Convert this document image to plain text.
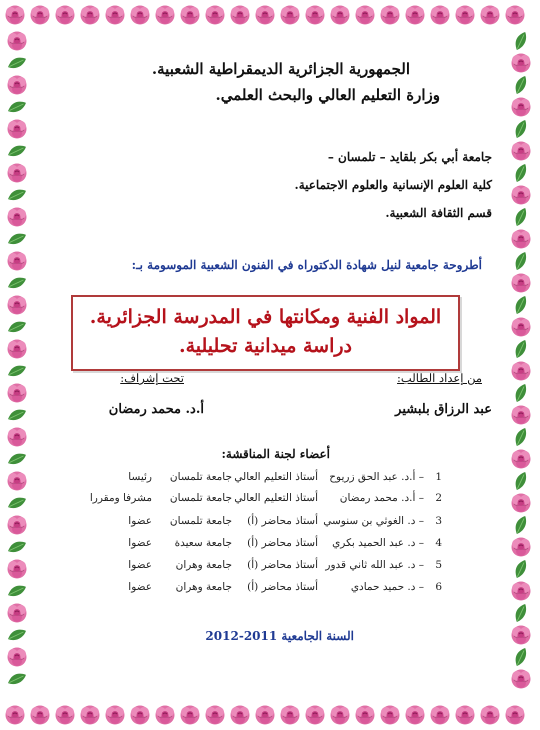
الجمهورية الجزائرية الديمقراطية الشعبية.
وزارة التعليم العالي والبحث العلمي.
جامعة أبي بكر بلقايد – تلمسان –
كلية العلوم الإنسانية والعلوم الاجتماعية.
قسم الثقافة الشعبية.
أطروحة جامعية لنيل شهادة الدكتوراه في الفنون الشعبية الموسومة بـ:
المواد الفنية ومكانتها في المدرسة الجزائرية.
دراسة ميدانية تحليلية.
من إعداد الطالب:
تحت إشراف:
عبد الرزاق بلبشير
أ.د. محمد رمضان
أعضاء لجنة المناقشة:
1
– أ.د. عبد الحق زريوح
أستاذ التعليم العالي
جامعة تلمسان
رئيسا
2
– أ.د. محمد رمضان
أستاذ التعليم العالي
جامعة تلمسان
مشرفا ومقررا
3
– د. الغوثي بن سنوسي
أستاذ محاضر (أ)
جامعة تلمسان
عضوا
4
– د. عبد الحميد بكري
أستاذ محاضر (أ)
جامعة سعيدة
عضوا
5
– د. عبد الله ثاني قدور
أستاذ محاضر (أ)
جامعة وهران
عضوا
6
– د. حميد حمادي
أستاذ محاضر (أ)
جامعة وهران
عضوا
السنة الجامعية 2011-2012
